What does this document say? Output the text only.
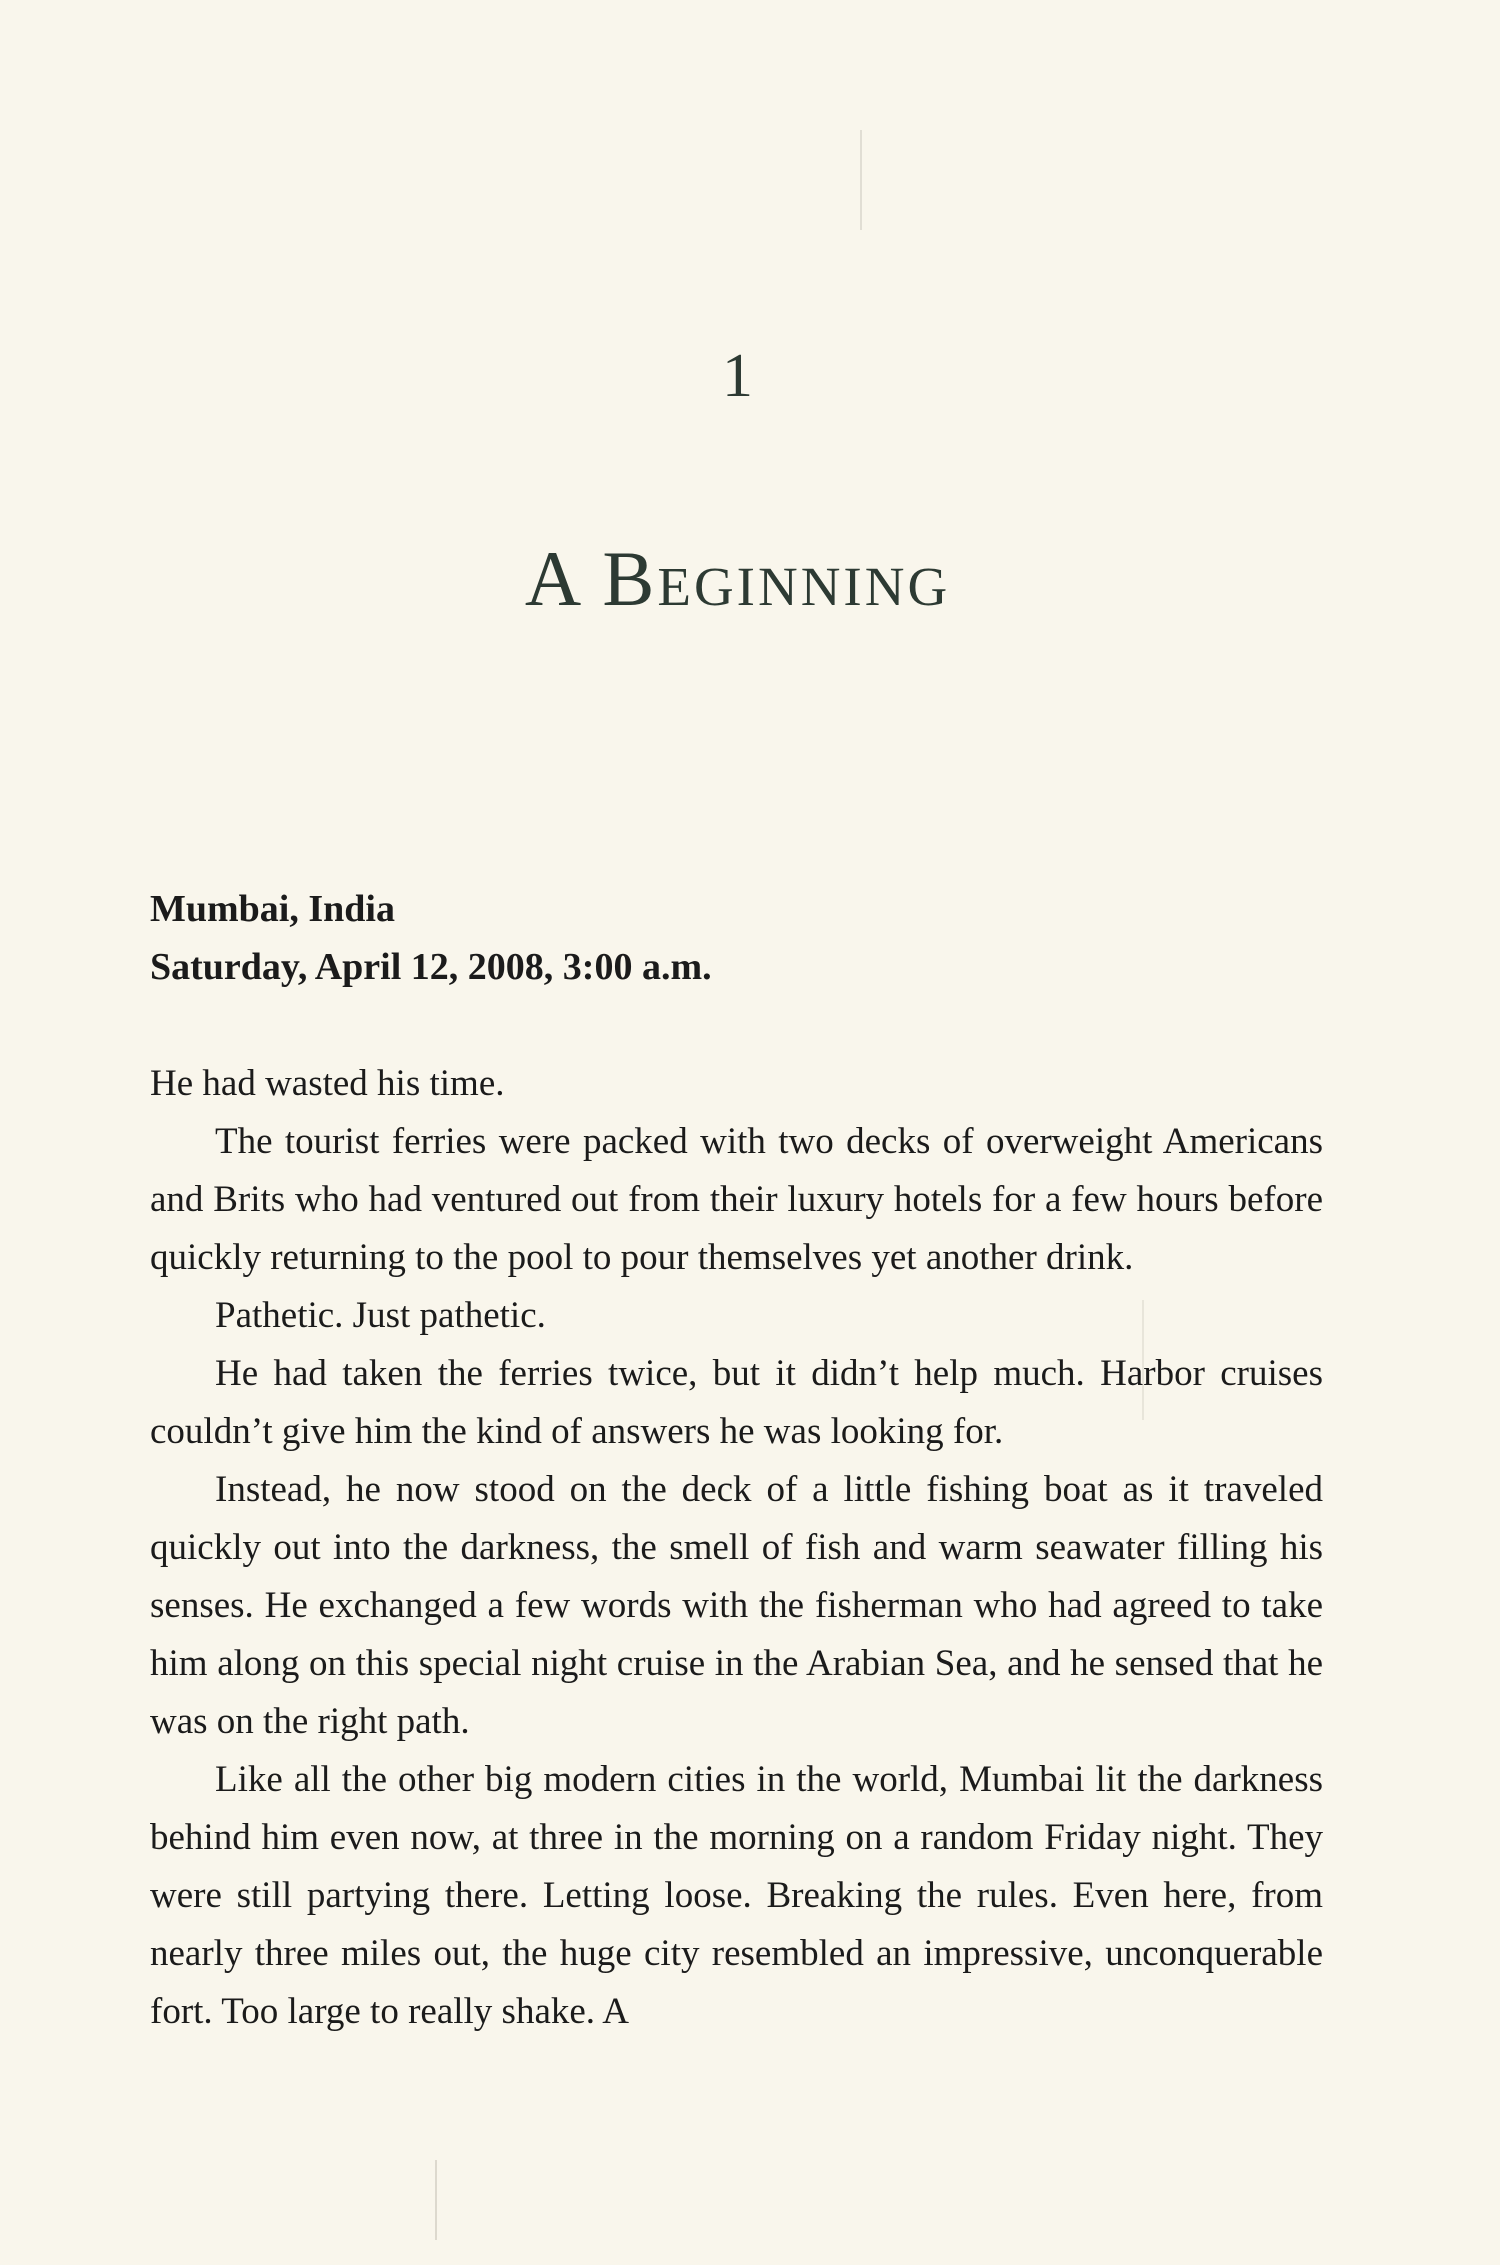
1
A Beginning
Mumbai, India
Saturday, April 12, 2008, 3:00 a.m.

He had wasted his time.

The tourist ferries were packed with two decks of overweight Americans and Brits who had ventured out from their luxury hotels for a few hours before quickly returning to the pool to pour themselves yet another drink.

Pathetic. Just pathetic.

He had taken the ferries twice, but it didn’t help much. Harbor cruises couldn’t give him the kind of answers he was looking for.

Instead, he now stood on the deck of a little fishing boat as it traveled quickly out into the darkness, the smell of fish and warm seawater filling his senses. He exchanged a few words with the fisherman who had agreed to take him along on this special night cruise in the Arabian Sea, and he sensed that he was on the right path.

Like all the other big modern cities in the world, Mumbai lit the darkness behind him even now, at three in the morning on a random Friday night. They were still partying there. Letting loose. Breaking the rules. Even here, from nearly three miles out, the huge city resembled an impressive, unconquerable fort. Too large to really shake. A
